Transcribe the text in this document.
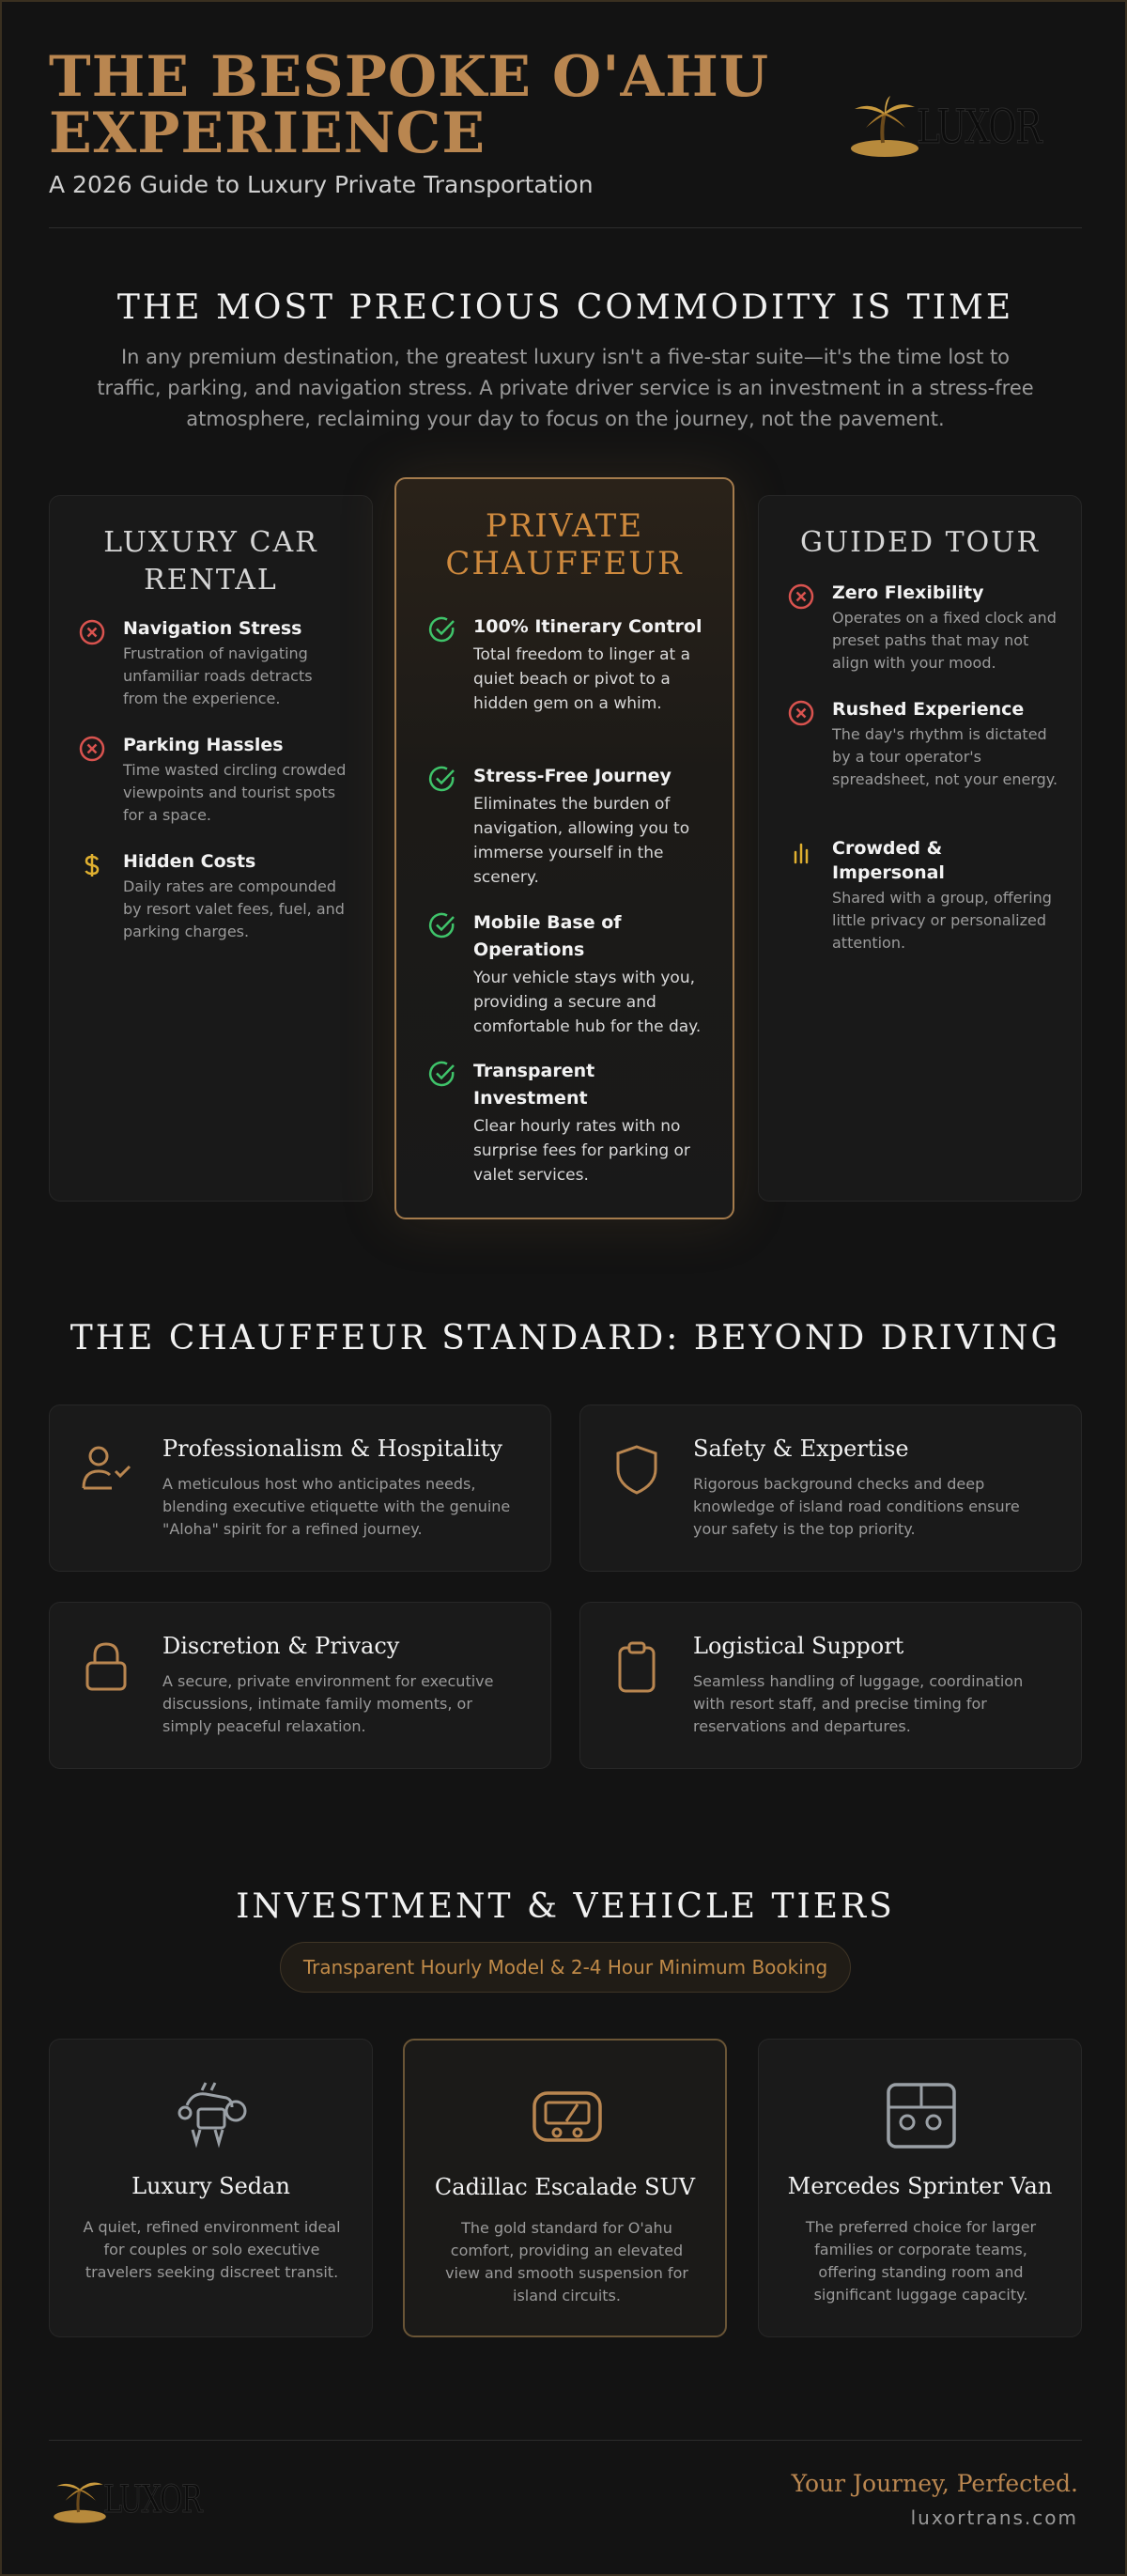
THE BESPOKE O'AHU
EXPERIENCE
A 2026 Guide to Luxury Private Transportation
LUXOR
THE MOST PRECIOUS COMMODITY IS TIME
In any premium destination, the greatest luxury isn't a five-star suite—it's the time lost to traffic, parking, and navigation stress. A private driver service is an investment in a stress-free atmosphere, reclaiming your day to focus on the journey, not the pavement.
LUXURY CAR
RENTAL
Navigation Stress
Frustration of navigating unfamiliar roads detracts from the experience.
Parking Hassles
Time wasted circling crowded viewpoints and tourist spots for a space.
Hidden Costs
Daily rates are compounded by resort valet fees, fuel, and parking charges.
PRIVATE
CHAUFFEUR
100% Itinerary Control
Total freedom to linger at a quiet beach or pivot to a hidden gem on a whim.
Stress-Free Journey
Eliminates the burden of navigation, allowing you to immerse yourself in the scenery.
Mobile Base of Operations
Your vehicle stays with you, providing a secure and comfortable hub for the day.
Transparent Investment
Clear hourly rates with no surprise fees for parking or valet services.
GUIDED TOUR
Zero Flexibility
Operates on a fixed clock and preset paths that may not align with your mood.
Rushed Experience
The day's rhythm is dictated by a tour operator's spreadsheet, not your energy.
Crowded & Impersonal
Shared with a group, offering little privacy or personalized attention.
THE CHAUFFEUR STANDARD: BEYOND DRIVING
Professionalism & Hospitality
A meticulous host who anticipates needs, blending executive etiquette with the genuine "Aloha" spirit for a refined journey.
Safety & Expertise
Rigorous background checks and deep knowledge of island road conditions ensure your safety is the top priority.
Discretion & Privacy
A secure, private environment for executive discussions, intimate family moments, or simply peaceful relaxation.
Logistical Support
Seamless handling of luggage, coordination with resort staff, and precise timing for reservations and departures.
INVESTMENT & VEHICLE TIERS
Transparent Hourly Model & 2-4 Hour Minimum Booking
Luxury Sedan
A quiet, refined environment ideal for couples or solo executive travelers seeking discreet transit.
Cadillac Escalade SUV
The gold standard for O'ahu comfort, providing an elevated view and smooth suspension for island circuits.
Mercedes Sprinter Van
The preferred choice for larger families or corporate teams, offering standing room and significant luggage capacity.
LUXOR	Your Journey, Perfected.
luxortrans.com
